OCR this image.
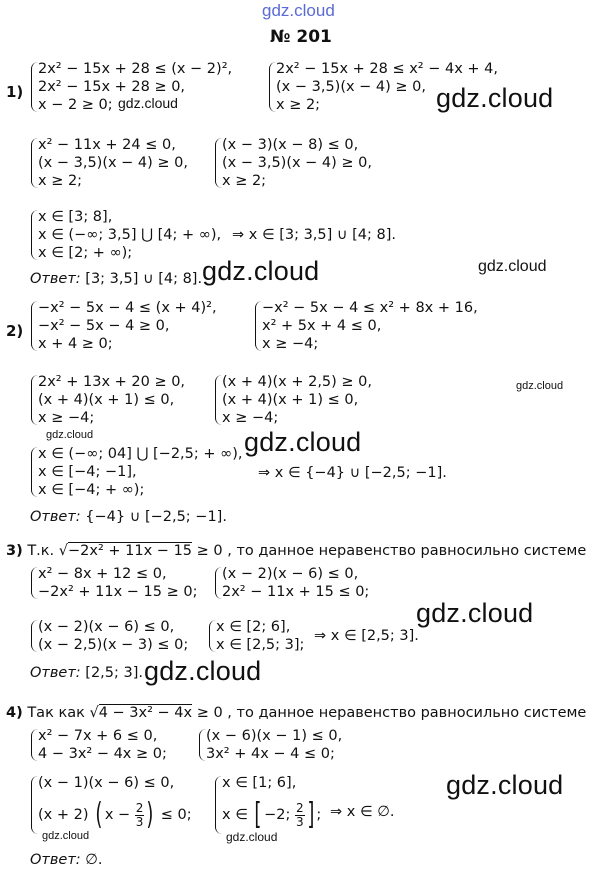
gdz.cloud
№ 201
1)
2x² − 15x + 28 ≤ (x − 2)²,
2x² − 15x + 28 ≥ 0,
x − 2 ≥ 0;
2x² − 15x + 28 ≤ x² − 4x + 4,
(x − 3,5)(x − 4) ≥ 0,
x ≥ 2;
gdz.cloud	gdz.cloud
x² − 11x + 24 ≤ 0,
(x − 3,5)(x − 4) ≥ 0,
x ≥ 2;
(x − 3)(x − 8) ≤ 0,
(x − 3,5)(x − 4) ≥ 0,
x ≥ 2;
x ∈ [3; 8],
x ∈ (−∞; 3,5] ⋃ [4; + ∞),
x ∈ [2; + ∞);
⇒ x ∈ [3; 3,5] ∪ [4; 8].
Ответ: [3; 3,5] ∪ [4; 8]. gdz.cloud	gdz.cloud
2)
−x² − 5x − 4 ≤ (x + 4)²,
−x² − 5x − 4 ≥ 0,
x + 4 ≥ 0;
−x² − 5x − 4 ≤ x² + 8x + 16,
x² + 5x + 4 ≤ 0,
x ≥ −4;
2x² + 13x + 20 ≥ 0,
(x + 4)(x + 1) ≤ 0,
x ≥ −4;
(x + 4)(x + 2,5) ≥ 0,
(x + 4)(x + 1) ≤ 0,
x ≥ −4;
gdz.cloud
gdz.cloud	gdz.cloud
x ∈ (−∞; 04] ⋃ [−2,5; + ∞),
x ∈ [−4; −1],
x ∈ [−4; + ∞);
⇒ x ∈ {−4} ∪ [−2,5; −1].
Ответ: {−4} ∪ [−2,5; −1].
3) Т.к. √−2x² + 11x − 15 ≥ 0 , то данное неравенство равносильно системе
x² − 8x + 12 ≤ 0,
−2x² + 11x − 15 ≥ 0;
(x − 2)(x − 6) ≤ 0,
2x² − 11x + 15 ≤ 0;
gdz.cloud
(x − 2)(x − 6) ≤ 0,
(x − 2,5)(x − 3) ≤ 0;
x ∈ [2; 6],
x ∈ [2,5; 3];
⇒ x ∈ [2,5; 3].
Ответ: [2,5; 3]. gdz.cloud
4) Так как √4 − 3x² − 4x ≥ 0 , то данное неравенство равносильно системе
x² − 7x + 6 ≤ 0,
4 − 3x² − 4x ≥ 0;
(x − 6)(x − 1) ≤ 0,
3x² + 4x − 4 ≤ 0;
gdz.cloud
(x − 1)(x − 6) ≤ 0,
(x + 2) ( $x - \frac{2}{3}$ ) ≤ 0;
x ∈ [1; 6],
x ∈ [ −2; $\frac{2}{3}$ ] ; ⇒ x ∈ ∅.
gdz.cloud	gdz.cloud
Ответ: ∅.
